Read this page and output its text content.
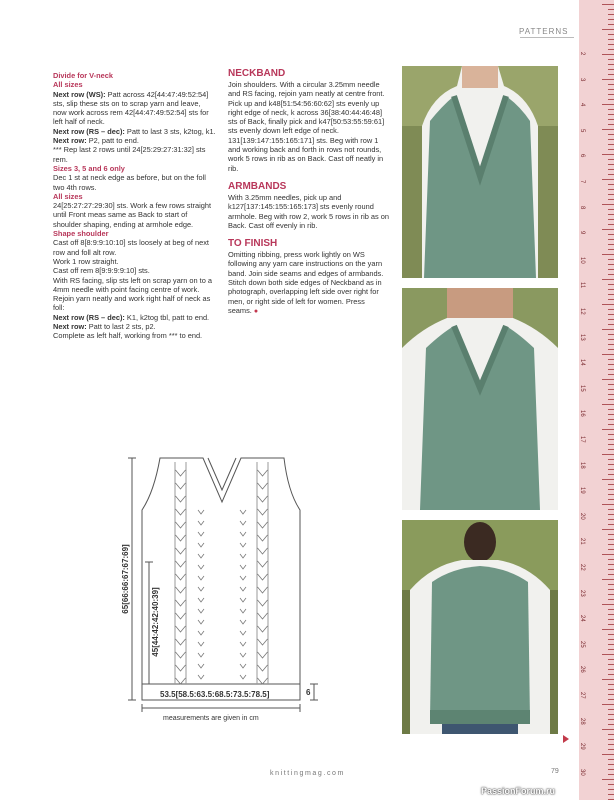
PATTERNS
2
3
4
5
6
7
8
9
10
11
12
13
14
15
16
17
18
19
20
21
22
23
24
25
26
27
28
29
30

Divide for V-neck

All sizes

Next row (WS): Patt across 42[44:47:49:52:54] sts, slip these sts on to scrap yarn and leave, now work across rem 42[44:47:49:52:54] sts for left half of neck.

Next row (RS – dec): Patt to last 3 sts, k2tog, k1.

Next row: P2, patt to end.

*** Rep last 2 rows until 24[25:29:27:31:32] sts rem.

Sizes 3, 5 and 6 only

Dec 1 st at neck edge as before, but on the foll two 4th rows.

All sizes

24[25:27:27:29:30] sts. Work a few rows straight until Front meas same as Back to start of shoulder shaping, ending at armhole edge.

Shape shoulder

Cast off 8[8:9:9:10:10] sts loosely at beg of next row and foll alt row.

Work 1 row straight.

Cast off rem 8[9:9:9:9:10] sts.

With RS facing, slip sts left on scrap yarn on to a 4mm needle with point facing centre of work.

Rejoin yarn neatly and work right half of neck as foll:

Next row (RS – dec): K1, k2tog tbl, patt to end.

Next row: Patt to last 2 sts, p2.

Complete as left half, working from *** to end.

NECKBAND

Join shoulders. With a circular 3.25mm needle and RS facing, rejoin yarn neatly at centre front. Pick up and k48[51:54:56:60:62] sts evenly up right edge of neck, k across 36[38:40:44:46:48] sts of Back, finally pick and k47[50:53:55:59:61] sts evenly down left edge of neck. 131[139:147:155:165:171] sts. Beg with row 1 and working back and forth in rows not rounds, work 5 rows in rib as on Back. Cast off neatly in rib.

ARMBANDS

With 3.25mm needles, pick up and k127[137:145:155:165:173] sts evenly round armhole. Beg with row 2, work 5 rows in rib as on Back. Cast off evenly in rib.

TO FINISH

Omitting ribbing, press work lightly on WS following any yarn care instructions on the yarn band. Join side seams and edges of armbands. Stitch down both side edges of Neckband as in photograph, overlapping left side over right for men, or right side of left for women. Press seams. ●

65[66:66:67:67:69]
45[44:42:42:40:39]
6
53.5[58.5:63.5:68.5:73.5:78.5]
measurements are given in cm
knittingmag.com	79
PassionForum.ru
